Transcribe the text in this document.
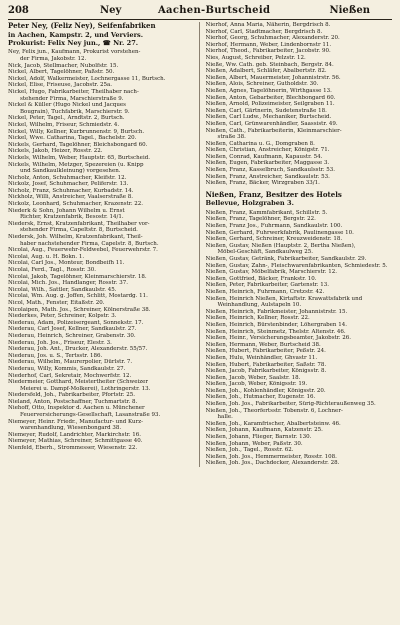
208	Ney	Aachen-Burtscheid	Nießen
Peter Ney, (Feliz Ney), Seifenfabriken
in Aachen, Kampstr. 2, und Verviers.
Prokurist: Felix Ney jun., ☎ Nr. 27.
Ney, Felix jun., Kaufmann, Prokurist vorstehen-
der Firma, Jakobstr. 12.
Nick, Jacob, Stellmacher, Nubolfstr. 15.
Nickel, Albert, Tagelöhner, Paßstr. 50.
Nickel, Adolf, Walkermeister, Lochnergasse 11, Burtsch.
Nickel, Elise, Friseuse, Jacobstr. 25a.
Nickel, Hugo, Fabrikarbeiter, Theilhaber nach-
stehender Firma, Marschierstraße 9.
Nickel & Küller (Hugo Nickel und Jacques
Bougrain), Tuchfabrik, Marschierstr. 9.
Nickel, Peter, Tagel., Arndtstr. 2, Burtsch.
Nickel, Wilhelm, Friseur, Schmiedstr. 4.
Nickel, Willy, Kellner, Kurbrunnenstr. 9, Burtsch.
Nickel, Wwe. Catharina, Tagel., Bachelstr. 20.
Nickels, Gerhard, Tagelöhner, Bleichsbongard 60.
Nickels, Jakob, Heizer, Rosstr. 22.
Nickels, Wilhelm, Weber, Hauptstr. 65, Burtscheid.
Nickels, Wilhelm, Metzger, Spezereien (u. Knipp
und Sandkaulkleinung) vorgesehen.
Nicholz, Anton, Schuhmacher, Kleifstr. 12.
Nickolz, Josef, Schuhmacher, Peliferstr. 13.
Nicholz, Franz, Schuhmacher, Kurbadstr. 14.
Nickholz, Willi, Anstreicher, Vaalserstraße 8.
Nickolz, Leonhard, Schuhmacher, Krazenstr. 22.
Niederk & Sohn, Johann Wilhelm u. Ernst
Richter, Kratzenfabrik, Besostr. 14/1.
Niedersk, Ernst, Kratzenfabrikant, Theilhaber vor-
stehender Firma, Capeltstr. 8, Burtscheid.
Niedersk, Joh. Wilhelm, Kratzenfabrikant, Theil-
haber nachstehender Firma, Capelstr. 8, Burtsch.
Nicolai, Aug., Feuerwehr-Feldwebel, Feuerwehrstr. 7.
Nicolai, Aug. u. H. Bokn. 1.
Nicolai, Carl Jos., Monteur, Bondbeifh 11.
Nicolai, Ferd., Tagl., Rosstr. 30.
Nicolai, Jakob, Tagelöhner, Kleinmarschierstr. 18.
Nicolai, Mich. Jos., Handlanger, Rosstr. 37.
Nicolai, Wilh., Sattler, Sandkaulstr. 45.
Nicolai, Wm. Aug. g. Joffen, Schlitt, Mostardg. 11.
Nicol, Math., Fenster, Eitaßstr. 20.
Nicolaipen, Math. Jos., Schreiner, Kölnerstraße 38.
Niederkes, Peter, Schreiner, Kolpstr. 3.
Niederau, Adam, Polizeisergeant, Sonnekstr. 17.
Niederau, Carl Josef, Kellner, Sandkaulstr. 27.
Niederau, Heinrich, Schreiner, Grabenstr. 30.
Niederau, Joh. Jos., Friseur, Elestr. 3.
Niederau, Joh. Ant., Drucker, Alexanderstr. 55/57.
Niederau, Jos. u. S., Tertsstr. 186.
Niederau, Wilhelm, Maurerpolier, Dürlstr. 7.
Niederau, Willy, Kommis, Sandkaulstr. 27.
Niederhof, Carl, Sekretair, Mochwerfstr. 12.
Niedermeier, Gotthard, Meistertheiter (Schweizer
Meierei u. Dampf-Molkerei), Lothringerstr. 13.
Niedersfeld, Joh., Fabrikarbeiter, Pfortstr. 25.
Nieland, Anton, Postschaffner, Tuchmartstr. 8.
Niehoff, Otto, Inspektor d. Aachen u. Münchener
Feuerversicherungs-Gesellschaft, Lasanstraße 93.
Niemeyer, Heinr. Friedr., Manufactur- und Kurz-
warenhandlung, Wiesenbongard 38.
Niemeyer, Rudolf, Landrichter, Markirchstr. 16.
Niemeyer, Mathias, Schreiner, Schmittgasse 40.
Nienfeld, Eberh., Strommesser, Wiesenstr. 22.
Nierhof, Anna Maria, Näherin, Bergdrisch 8.
Nierhof, Carl, Stadtmacher, Bergdrisch 8.
Nierhof, Georg, Schuhmacher, Alexanderstr. 20.
Nierhof, Hermann, Weber, Lindenbornstr 11.
Nierhof, Theod., Fabrikarbeiter, Jacobstr. 90.
Nies, August, Schreiber, Pelzstr. 12.
Nieße, Ww. Cath. geb. Steinbach, Bergstr. 84.
Nießen, Adalbert, Schläfer, Abalbertstr. 82.
Nießen, Albert, Mauermeister, Johannistrstr. 56.
Nießen, Alois, Schreiner, Gutholdstr. 30.
Nießen, Agnes, Tagelöhnerin, Wirthgasse 13.
Nießen, Anton, Gebarbeiter, Blechbongard 60.
Nießen, Arnold, Polizeimeister, Seilgraben 11.
Nießen, Carl, Gärtnerin, Sudetenstraße 18.
Nießen, Carl Ludw., Mechaniker, Burtscheid.
Nießen, Carl, Grünwarenhändler, Saassistr. 49.
Nießen, Cath., Fabrikarbeiterin, Kleinmarschier-
straße 38.
Nießen, Catharina u. G., Domgraben 8.
Nießen, Christian, Anstreicher, Königstr. 71.
Nießen, Conrad, Kaufmann, Kapaustr. 54.
Nießen, Eugen, Fabrikarbeiter, Maggasse 3.
Nießen, Franz, Kasselbruch, Sandkaulsstr. 53.
Nießen, Franz, Anstreicher, Sandkaulstr. 53.
Nießen, Franz, Bäcker, Wirzgraben 33/1.
Nießen, Franz, Besitzer des Hotels
Bellevue, Holzgraben 3.
Nießen, Franz, Kammfabrikant, Schillstr. 5.
Nießen, Franz, Tagelöhner, Bergstr. 22.
Nießen, Franz Jos., Fuhrmann, Sandkaulstr. 100.
Nießen, Gerhard, Fuhrwerkfabrik, Paulinengasse 10.
Nießen, Gerhard, Schreiner, Kreuzweidenstr. 18.
Nießen, Gustav, Nießen (Hauptstr. 2, Bertha Nießen),
Möbel-Geschäft, Sandkaulweg 25.
Nießen, Gustav, Getränk, Fabrikarbeiter, Sandkaulstr. 29.
Nießen, Gustav, Zahn-, Fleischwarenfabrikanten, Schmiedestr. 5.
Nießen, Gustav, Möbelfabrik, Marschierstr. 12.
Nießen, Gottfried, Bäcker, Frankstr. 10.
Nießen, Peter, Fabrikarbeiter, Gartenstr. 13.
Nießen, Heinrich, Fuhrmann, Cretzstr. 42.
Nießen, Heinrich Nießen, Kirtaftstr. Krawattsfabrik und
Weinhandlung, Aulstapeln 10.
Nießen, Heinrich, Fabrikmeister, Johannistrstr. 15.
Nießen, Heinrich, Kellner, Rosstr. 22.
Nießen, Heinrich, Bürstenbinder, Löhergraben 14.
Nießen, Heinrich, Steinmetz, Thelstr. Altenstr. 46.
Nießen, Heinr., Versicherungsbeamter, Jakobstr. 26.
Nießen, Hermann, Weber, Burtscheid 38.
Nießen, Hubert, Fabrikarbeiter, Peßstr. 24.
Nießen, Hulu, Weinhändler, Ghvastr 11.
Nießen, Hubert, Fabrikarbeiter, Saßstr. 78.
Nießen, Jacob, Fabrikarbeiter, Königsstr. 8.
Nießen, Jacob, Weber, Saalstr. 18.
Nießen, Jacob, Weber, Königsstr. 19.
Nießen, Joh., Kohlenhändler, Königsstr. 20.
Nießen, Joh., Hutmacher, Eugenstr. 16.
Nießen, Joh. Jos., Fabrikarbeiter, Sürig-Richteraußenweg 35.
Nießen, Joh., Theorfertsstr. Tobenstr. 6, Lochner-
halle.
Nießen, Joh., Karamfrischer, Abalbertsteinw. 46.
Nießen, Johann, Kaufmann, Katzenstr. 25.
Nießen, Johann, Flieger, Barnstr. 130.
Nießen, Johann, Weber, Paßstr. 30.
Nießen, Joh., Tagel., Rosstr. 62.
Nießen, Joh. Jos., Hemmermeister, Rosstr. 108.
Nießen, Joh. Jos., Dachdecker, Alexanderstr. 28.
